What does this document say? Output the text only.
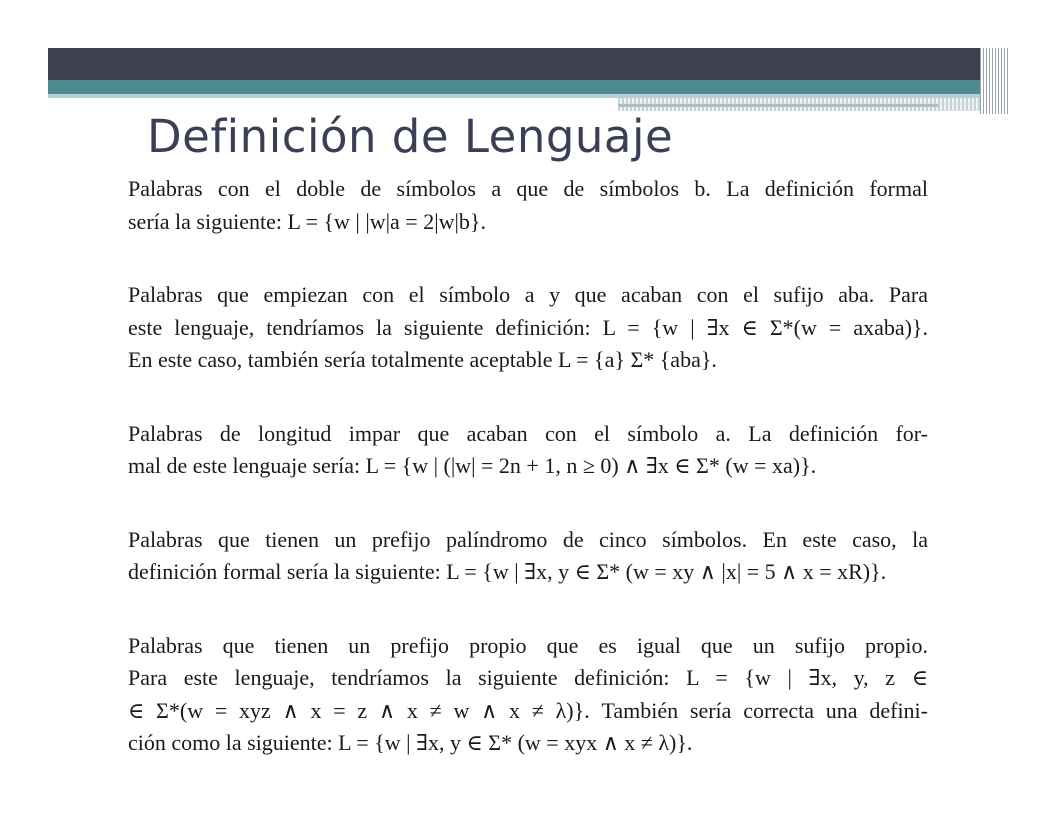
Definición de Lenguaje
Palabras con el doble de símbolos a que de símbolos b. La definición formal
sería la siguiente: L = {w | |w|a = 2|w|b}.
Palabras que empiezan con el símbolo a y que acaban con el sufijo aba. Para
este lenguaje, tendríamos la siguiente definición: L = {w | ∃x ∈ Σ*(w = axaba)}.
En este caso, también sería totalmente aceptable L = {a} Σ* {aba}.
Palabras de longitud impar que acaban con el símbolo a. La definición for-
mal de este lenguaje sería: L = {w | (|w| = 2n + 1, n ≥ 0) ∧ ∃x ∈ Σ* (w = xa)}.
Palabras que tienen un prefijo palíndromo de cinco símbolos. En este caso, la
definición formal sería la siguiente: L = {w | ∃x, y ∈ Σ* (w = xy ∧ |x| = 5 ∧ x = xR)}.
Palabras que tienen un prefijo propio que es igual que un sufijo propio.
Para este lenguaje, tendríamos la siguiente definición: L = {w | ∃x, y, z ∈
∈ Σ*(w = xyz ∧ x = z ∧ x ≠ w ∧ x ≠ λ)}. También sería correcta una defini-
ción como la siguiente: L = {w | ∃x, y ∈ Σ* (w = xyx ∧ x ≠ λ)}.
